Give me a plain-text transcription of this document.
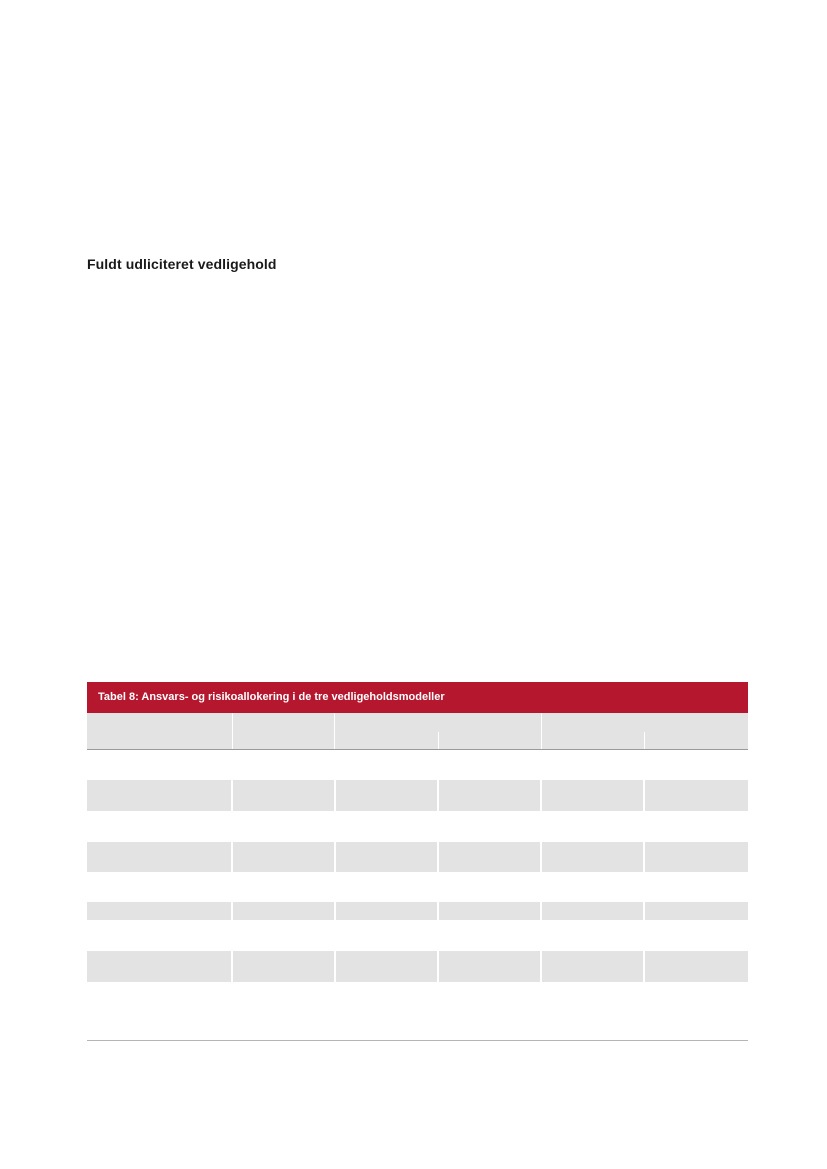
Fuldt udliciteret vedligehold
Tabel 8: Ansvars- og risikoallokering i de tre vedligeholdsmodeller
